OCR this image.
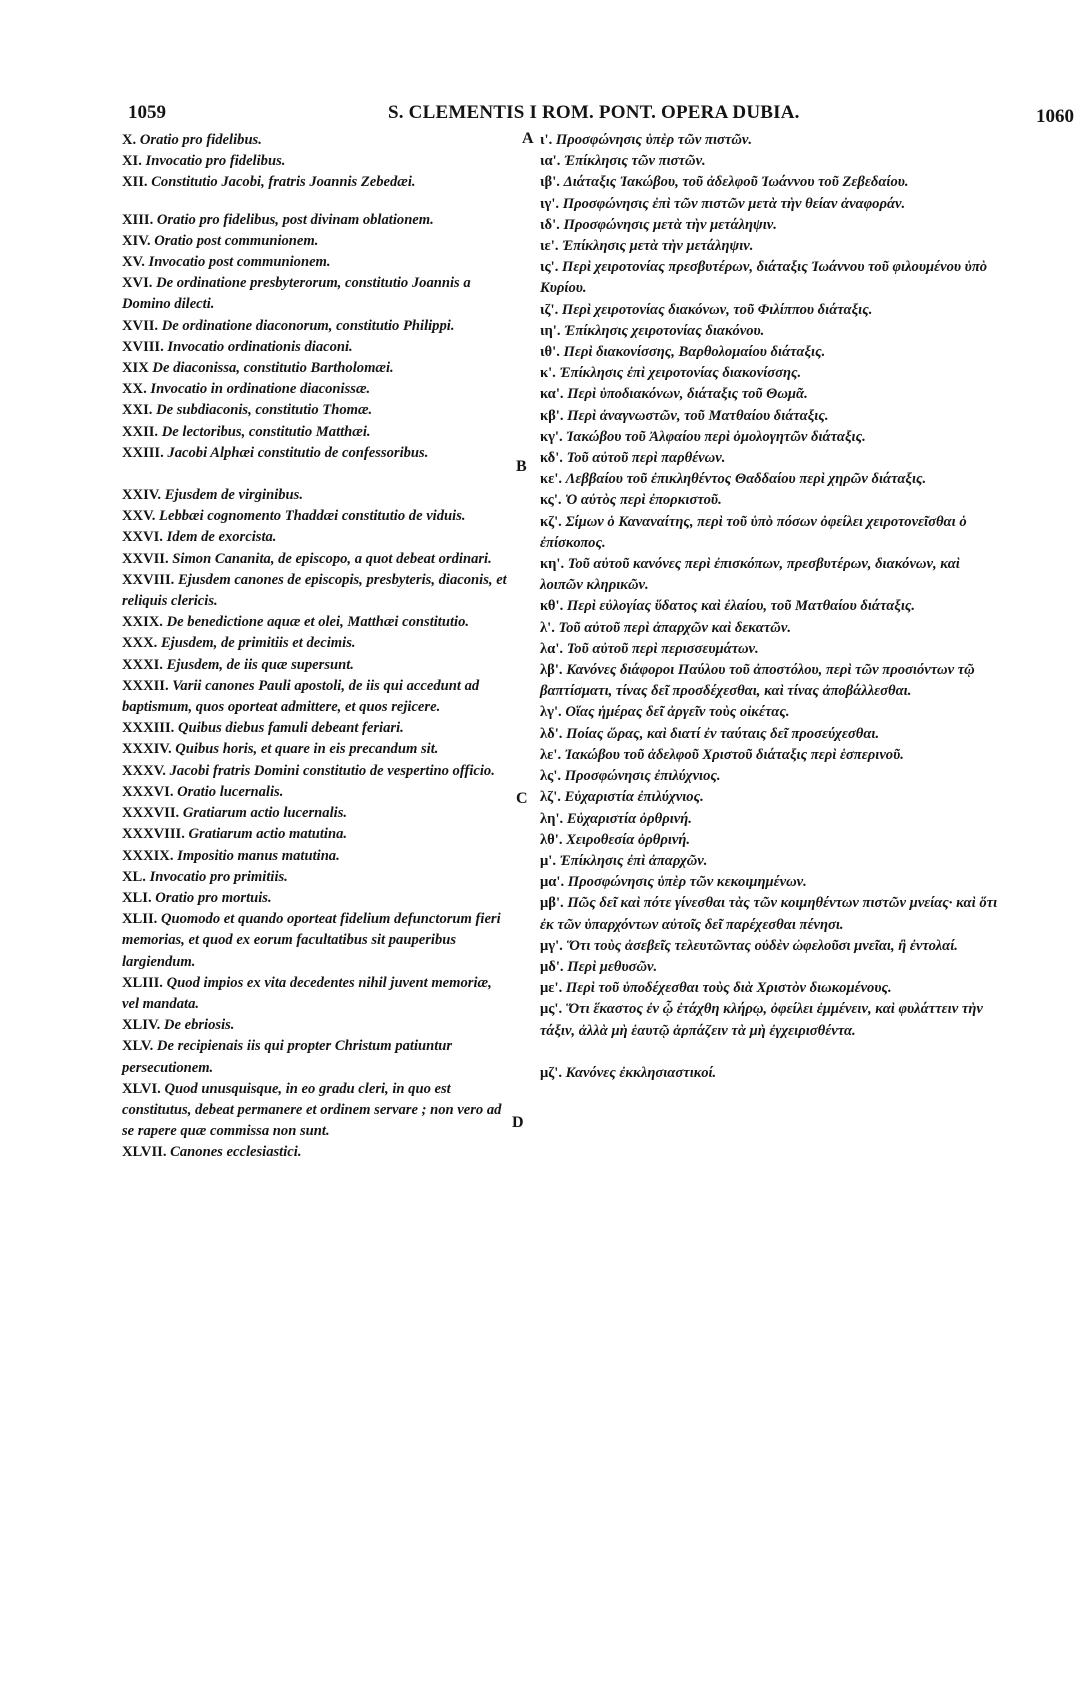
1059	S. CLEMENTIS I ROM. PONT. OPERA DUBIA.	1060
A
B
C
D
X. Oratio pro fidelibus.
XI. Invocatio pro fidelibus.
XII. Constitutio Jacobi, fratris Joannis Zebedæi.
XIII. Oratio pro fidelibus, post divinam oblationem.
XIV. Oratio post communionem.
XV. Invocatio post communionem.
XVI. De ordinatione presbyterorum, constitutio Joannis a Domino dilecti.
XVII. De ordinatione diaconorum, constitutio Philippi.
XVIII. Invocatio ordinationis diaconi.
XIX De diaconissa, constitutio Bartholomæi.
XX. Invocatio in ordinatione diaconissæ.
XXI. De subdiaconis, constitutio Thomæ.
XXII. De lectoribus, constitutio Matthæi.
XXIII. Jacobi Alphæi constitutio de confessoribus.
XXIV. Ejusdem de virginibus.
XXV. Lebbæi cognomento Thaddæi constitutio de viduis.
XXVI. Idem de exorcista.
XXVII. Simon Cananita, de episcopo, a quot debeat ordinari.
XXVIII. Ejusdem canones de episcopis, presbyteris, diaconis, et reliquis clericis.
XXIX. De benedictione aquæ et olei, Matthæi constitutio.
XXX. Ejusdem, de primitiis et decimis.
XXXI. Ejusdem, de iis quæ supersunt.
XXXII. Varii canones Pauli apostoli, de iis qui accedunt ad baptismum, quos oporteat admittere, et quos rejicere.
XXXIII. Quibus diebus famuli debeant feriari.
XXXIV. Quibus horis, et quare in eis precandum sit.
XXXV. Jacobi fratris Domini constitutio de vespertino officio.
XXXVI. Oratio lucernalis.
XXXVII. Gratiarum actio lucernalis.
XXXVIII. Gratiarum actio matutina.
XXXIX. Impositio manus matutina.
XL. Invocatio pro primitiis.
XLI. Oratio pro mortuis.
XLII. Quomodo et quando oporteat fidelium defunctorum fieri memorias, et quod ex eorum facultatibus sit pauperibus largiendum.
XLIII. Quod impios ex vita decedentes nihil juvent memoriæ, vel mandata.
XLIV. De ebriosis.
XLV. De recipienais iis qui propter Christum patiuntur persecutionem.
XLVI. Quod unusquisque, in eo gradu cleri, in quo est constitutus, debeat permanere et ordinem servare ; non vero ad se rapere quæ commissa non sunt.
XLVII. Canones ecclesiastici.
ι'. Προσφώνησις ὑπὲρ τῶν πιστῶν.
ια'. Ἐπίκλησις τῶν πιστῶν.
ιβ'. Διάταξις Ἰακώβου, τοῦ ἀδελφοῦ Ἰωάννου τοῦ Ζεβεδαίου.
ιγ'. Προσφώνησις ἐπὶ τῶν πιστῶν μετὰ τὴν θείαν ἀναφοράν.
ιδ'. Προσφώνησις μετὰ τὴν μετάληψιν.
ιε'. Ἐπίκλησις μετὰ τὴν μετάληψιν.
ις'. Περὶ χειροτονίας πρεσβυτέρων, διάταξις Ἰωάννου τοῦ φιλουμένου ὑπὸ Κυρίου.
ιζ'. Περὶ χειροτονίας διακόνων, τοῦ Φιλίππου διάταξις.
ιη'. Ἐπίκλησις χειροτονίας διακόνου.
ιθ'. Περὶ διακονίσσης, Βαρθολομαίου διάταξις.
κ'. Ἐπίκλησις ἐπὶ χειροτονίας διακονίσσης.
κα'. Περὶ ὑποδιακόνων, διάταξις τοῦ Θωμᾶ.
κβ'. Περὶ ἀναγνωστῶν, τοῦ Ματθαίου διάταξις.
κγ'. Ἰακώβου τοῦ Ἀλφαίου περὶ ὁμολογητῶν διάταξις.
κδ'. Τοῦ αὐτοῦ περὶ παρθένων.
κε'. Λεββαίου τοῦ ἐπικληθέντος Θαδδαίου περὶ χηρῶν διάταξις.
κς'. Ὁ αὐτὸς περὶ ἐπορκιστοῦ.
κζ'. Σίμων ὁ Καναναίτης, περὶ τοῦ ὑπὸ πόσων ὀφείλει χειροτονεῖσθαι ὁ ἐπίσκοπος.
κη'. Τοῦ αὐτοῦ κανόνες περὶ ἐπισκόπων, πρεσβυτέρων, διακόνων, καὶ λοιπῶν κληρικῶν.
κθ'. Περὶ εὐλογίας ὕδατος καὶ ἐλαίου, τοῦ Ματθαίου διάταξις.
λ'. Τοῦ αὐτοῦ περὶ ἀπαρχῶν καὶ δεκατῶν.
λα'. Τοῦ αὐτοῦ περὶ περισσευμάτων.
λβ'. Κανόνες διάφοροι Παύλου τοῦ ἀποστόλου, περὶ τῶν προσιόντων τῷ βαπτίσματι, τίνας δεῖ προσδέχεσθαι, καὶ τίνας ἀποβάλλεσθαι.
λγ'. Οἵας ἡμέρας δεῖ ἀργεῖν τοὺς οἰκέτας.
λδ'. Ποίας ὥρας, καὶ διατί ἐν ταύταις δεῖ προσεύχεσθαι.
λε'. Ἰακώβου τοῦ ἀδελφοῦ Χριστοῦ διάταξις περὶ ἑσπερινοῦ.
λς'. Προσφώνησις ἐπιλύχνιος.
λζ'. Εὐχαριστία ἐπιλύχνιος.
λη'. Εὐχαριστία ὀρθρινή.
λθ'. Χειροθεσία ὀρθρινή.
μ'. Ἐπίκλησις ἐπὶ ἀπαρχῶν.
μα'. Προσφώνησις ὑπὲρ τῶν κεκοιμημένων.
μβ'. Πῶς δεῖ καὶ πότε γίνεσθαι τὰς τῶν κοιμηθέντων πιστῶν μνείας· καὶ ὅτι ἐκ τῶν ὑπαρχόντων αὐτοῖς δεῖ παρέχεσθαι πένησι.
μγ'. Ὅτι τοὺς ἀσεβεῖς τελευτῶντας οὐδὲν ὠφελοῦσι μνεῖαι, ἢ ἐντολαί.
μδ'. Περὶ μεθυσῶν.
με'. Περὶ τοῦ ὑποδέχεσθαι τοὺς διὰ Χριστὸν διωκομένους.
μς'. Ὅτι ἕκαστος ἐν ᾧ ἐτάχθη κλήρῳ, ὀφείλει ἐμμένειν, καὶ φυλάττειν τὴν τάξιν, ἀλλὰ μὴ ἑαυτῷ ἁρπάζειν τὰ μὴ ἐγχειρισθέντα.
μζ'. Κανόνες ἐκκλησιαστικοί.
